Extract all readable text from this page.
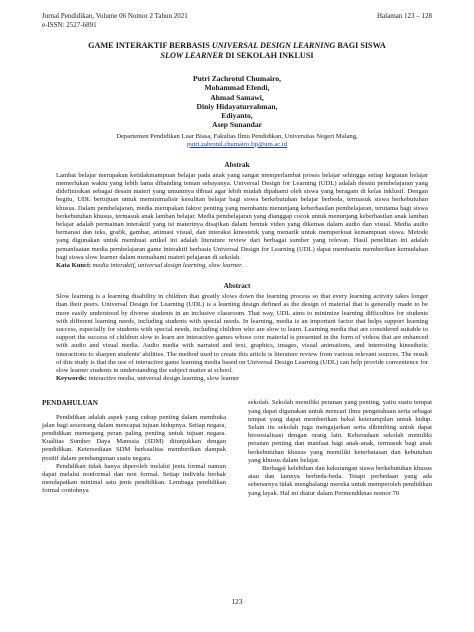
Jurnal Pendidikan, Volume 06 Nomor 2 Tahun 2021
e-ISSN: 2527-6891
Halaman 123 – 128
GAME INTERAKTIF BERBASIS UNIVERSAL DESIGN LEARNING BAGI SISWA
SLOW LEARNER DI SEKOLAH INKLUSI
Putri Zachrotul Chumairo,
Mohammad Efendi,
Ahmad Samawi,
Diniy Hidayaturrahman,
Ediyanto,
Asep Sunandar
Departemen Pendidikan Luar Biasa, Fakultas Ilmu Pendidikan, Universitas Negeri Malang,
putri.zahrotul.chumairo.fip@um.ac.id
Abstrak

Lambat belajar merupakan ketidakmampuan belajar pada anak yang sangat memperlambat proses belajar sehingga setiap kegiatan belajar memerlukan waktu yang lebih lama dibanding teman sebayanya. Universal Design for Learning (UDL) adalah desain pembelajaran yang didefinisikan sebagai desain materi yang umumnya dibuat agar lebih mudah dipahami oleh siswa yang beragam di kelas inklusif. Dengan begitu, UDL bertujuan untuk meminimalisir kesulitan belajar bagi siswa berkebutuhan belajar berbeda, termasuk siswa berkebutuhan khusus. Dalam pembelajaran, media merupakan faktor penting yang membantu menunjang keberhasilan pembelajaran, terutama bagi siswa berkebutuhan khusus, termasuk anak lamban belajar. Media pembelajaran yang dianggap cocok untuk menunjang keberhasilan anak lamban belajar adalah permainan interaktif yang isi materinya disajikan dalam bentuk video yang dikemas dalam audio dan visual. Media audio bernarasi dan teks, grafik, gambar, animasi visual, dan interaksi kinestetik yang menarik untuk memperkuat kemampuan siswa. Metode yang digunakan untuk membuat artikel ini adalah literature review dari berbagai sumber yang relevan. Hasil penelitian ini adalah pemanfaatan media pembelajaran game interaktif berbasis Universal Design for Learning (UDL) dapat membantu memberikan kemudahan bagi siswa slow learner dalam memahami materi pelajaran di sekolah.

Kata Kunci: media interaktif, universal design learning, slow learner.

Abstract

Slow learning is a learning disability in children that greatly slows down the learning process so that every learning activity takes longer than their peers. Universal Design for Learning (UDL) is a learning design defined as the design of material that is generally made to be more easily understood by diverse students in an inclusive classroom. That way, UDL aims to minimize learning difficulties for students with different learning needs, including students with special needs. In learning, media is an important factor that helps support learning success, especially for students with special needs, including children who are slow to learn. Learning media that are considered suitable to support the success of children slow to learn are interactive games whose core material is presented in the form of videos that are enhanced with audio and visual media. Audio media with narrated and text, graphics, images, visual animations, and interesting kinesthetic interactions to sharpen students' abilities. The method used to create this article is literature review from various relevant sources. The result of this study is that the use of interactive game learning media based on Universal Design Learning (UDL) can help provide convenience for slow learner students in understanding the subject matter at school.

Keywords: interactive media, universal design learning, slow learner

PENDAHULUAN

Pendidikan adalah aspek yang cukup penting dalam membuka jalan bagi seseorang dalam mencapai tujuan hidupnya. Setiap negara, pendidikan memegang peran paling penting untuk tujuan negara. Kualitas Sumber Daya Manusia (SDM) ditunjukkan dengan pendidikan. Ketersediaan SDM berkualitas memberikan dampak positif dalam pembangunan suatu negara.

Pendidikan tidak hanya diperoleh melalui jenis formal namun dapat melalui nonformal dan non formal. Setiap individu berhak mendapatkan minimal satu jenis pendidikan. Lembaga pendidikan formal contohnya

sekolah. Sekolah memiliki peranan yang penting, yaitu suatu tempat yang dapat digunakan untuk mencari ilmu pengetahuan serta sebagai tempat yang dapat memberikan bekal keterampilan untuk hidup. Selain itu sekolah juga mengajarkan serta dibimbing untuk dapat bersosialisasi dengan orang lain. Keberadaan sekolah memiliki peranan penting dan manfaat bagi anak-anak, termasuk bagi anak berkebutuhan khusus yang memiliki keterbatasan dan kebutuhan yang khusus dalam belajar.

Berbagai kelebihan dan kekurangan siswa berkebutuhan khusus atau dan lainnya berbeda-beda. Tetapi perbedaan yang ada sebenarnya tidak menghalangi mereka untuk memperoleh pendidikan yang layak. Hal ini diatur dalam Permendiknas nomor 70

123
